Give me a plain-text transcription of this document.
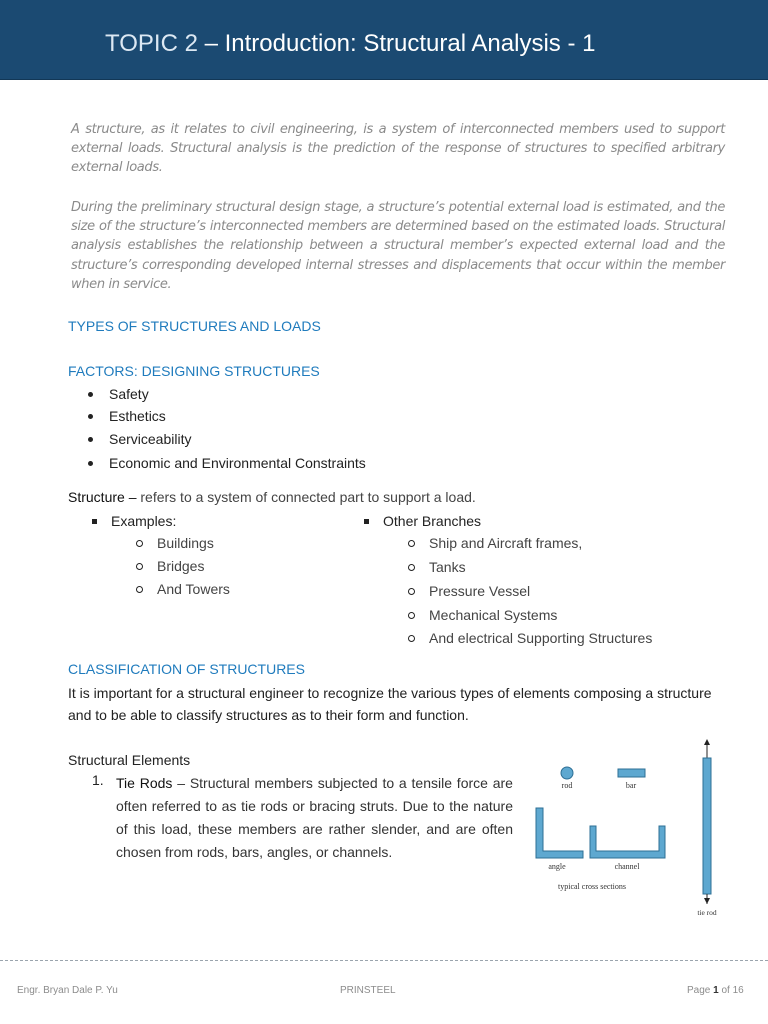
TOPIC 2 – Introduction: Structural Analysis - 1

A structure, as it relates to civil engineering, is a system of interconnected members used to support external loads. Structural analysis is the prediction of the response of structures to specified arbitrary external loads.

During the preliminary structural design stage, a structure’s potential external load is estimated, and the size of the structure’s interconnected members are determined based on the estimated loads. Structural analysis establishes the relationship between a structural member’s expected external load and the structure’s corresponding developed internal stresses and displacements that occur within the member when in service.

TYPES OF STRUCTURES AND LOADS
FACTORS: DESIGNING STRUCTURES
Safety
Esthetics
Serviceability
Economic and Environmental Constraints
Structure – refers to a system of connected part to support a load.
Examples:
Buildings
Bridges
And Towers
Other Branches
Ship and Aircraft frames,
Tanks
Pressure Vessel
Mechanical Systems
And electrical Supporting Structures
CLASSIFICATION OF STRUCTURES

It is important for a structural engineer to recognize the various types of elements composing a structure and to be able to classify structures as to their form and function.

Structural Elements
1. Tie Rods – Structural members subjected to a tensile force are often referred to as tie rods or bracing struts. Due to the nature of this load, these members are rather slender, and are often chosen from rods, bars, angles, or channels.

rod	bar
angle	channel
typical cross sections
tie rod
Engr. Bryan Dale P. Yu	PRINSTEEL	Page 1 of 16
